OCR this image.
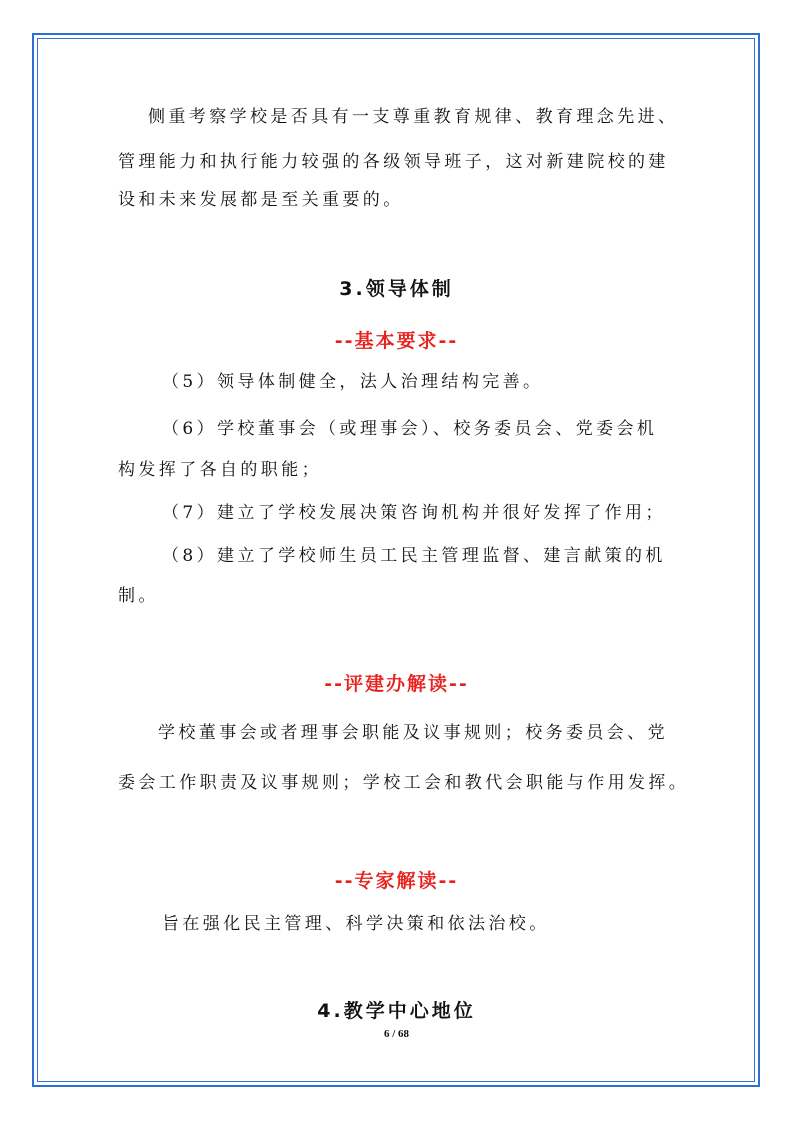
侧重考察学校是否具有一支尊重教育规律、教育理念先进、
管理能力和执行能力较强的各级领导班子，这对新建院校的建
设和未来发展都是至关重要的。
3.领导体制
--基本要求--
（5）领导体制健全，法人治理结构完善。
（6）学校董事会（或理事会）、校务委员会、党委会机
构发挥了各自的职能；
（7）建立了学校发展决策咨询机构并很好发挥了作用；
（8）建立了学校师生员工民主管理监督、建言献策的机
制。
--评建办解读--
学校董事会或者理事会职能及议事规则；校务委员会、党
委会工作职责及议事规则；学校工会和教代会职能与作用发挥。
--专家解读--
旨在强化民主管理、科学决策和依法治校。
4.教学中心地位
6 / 68
